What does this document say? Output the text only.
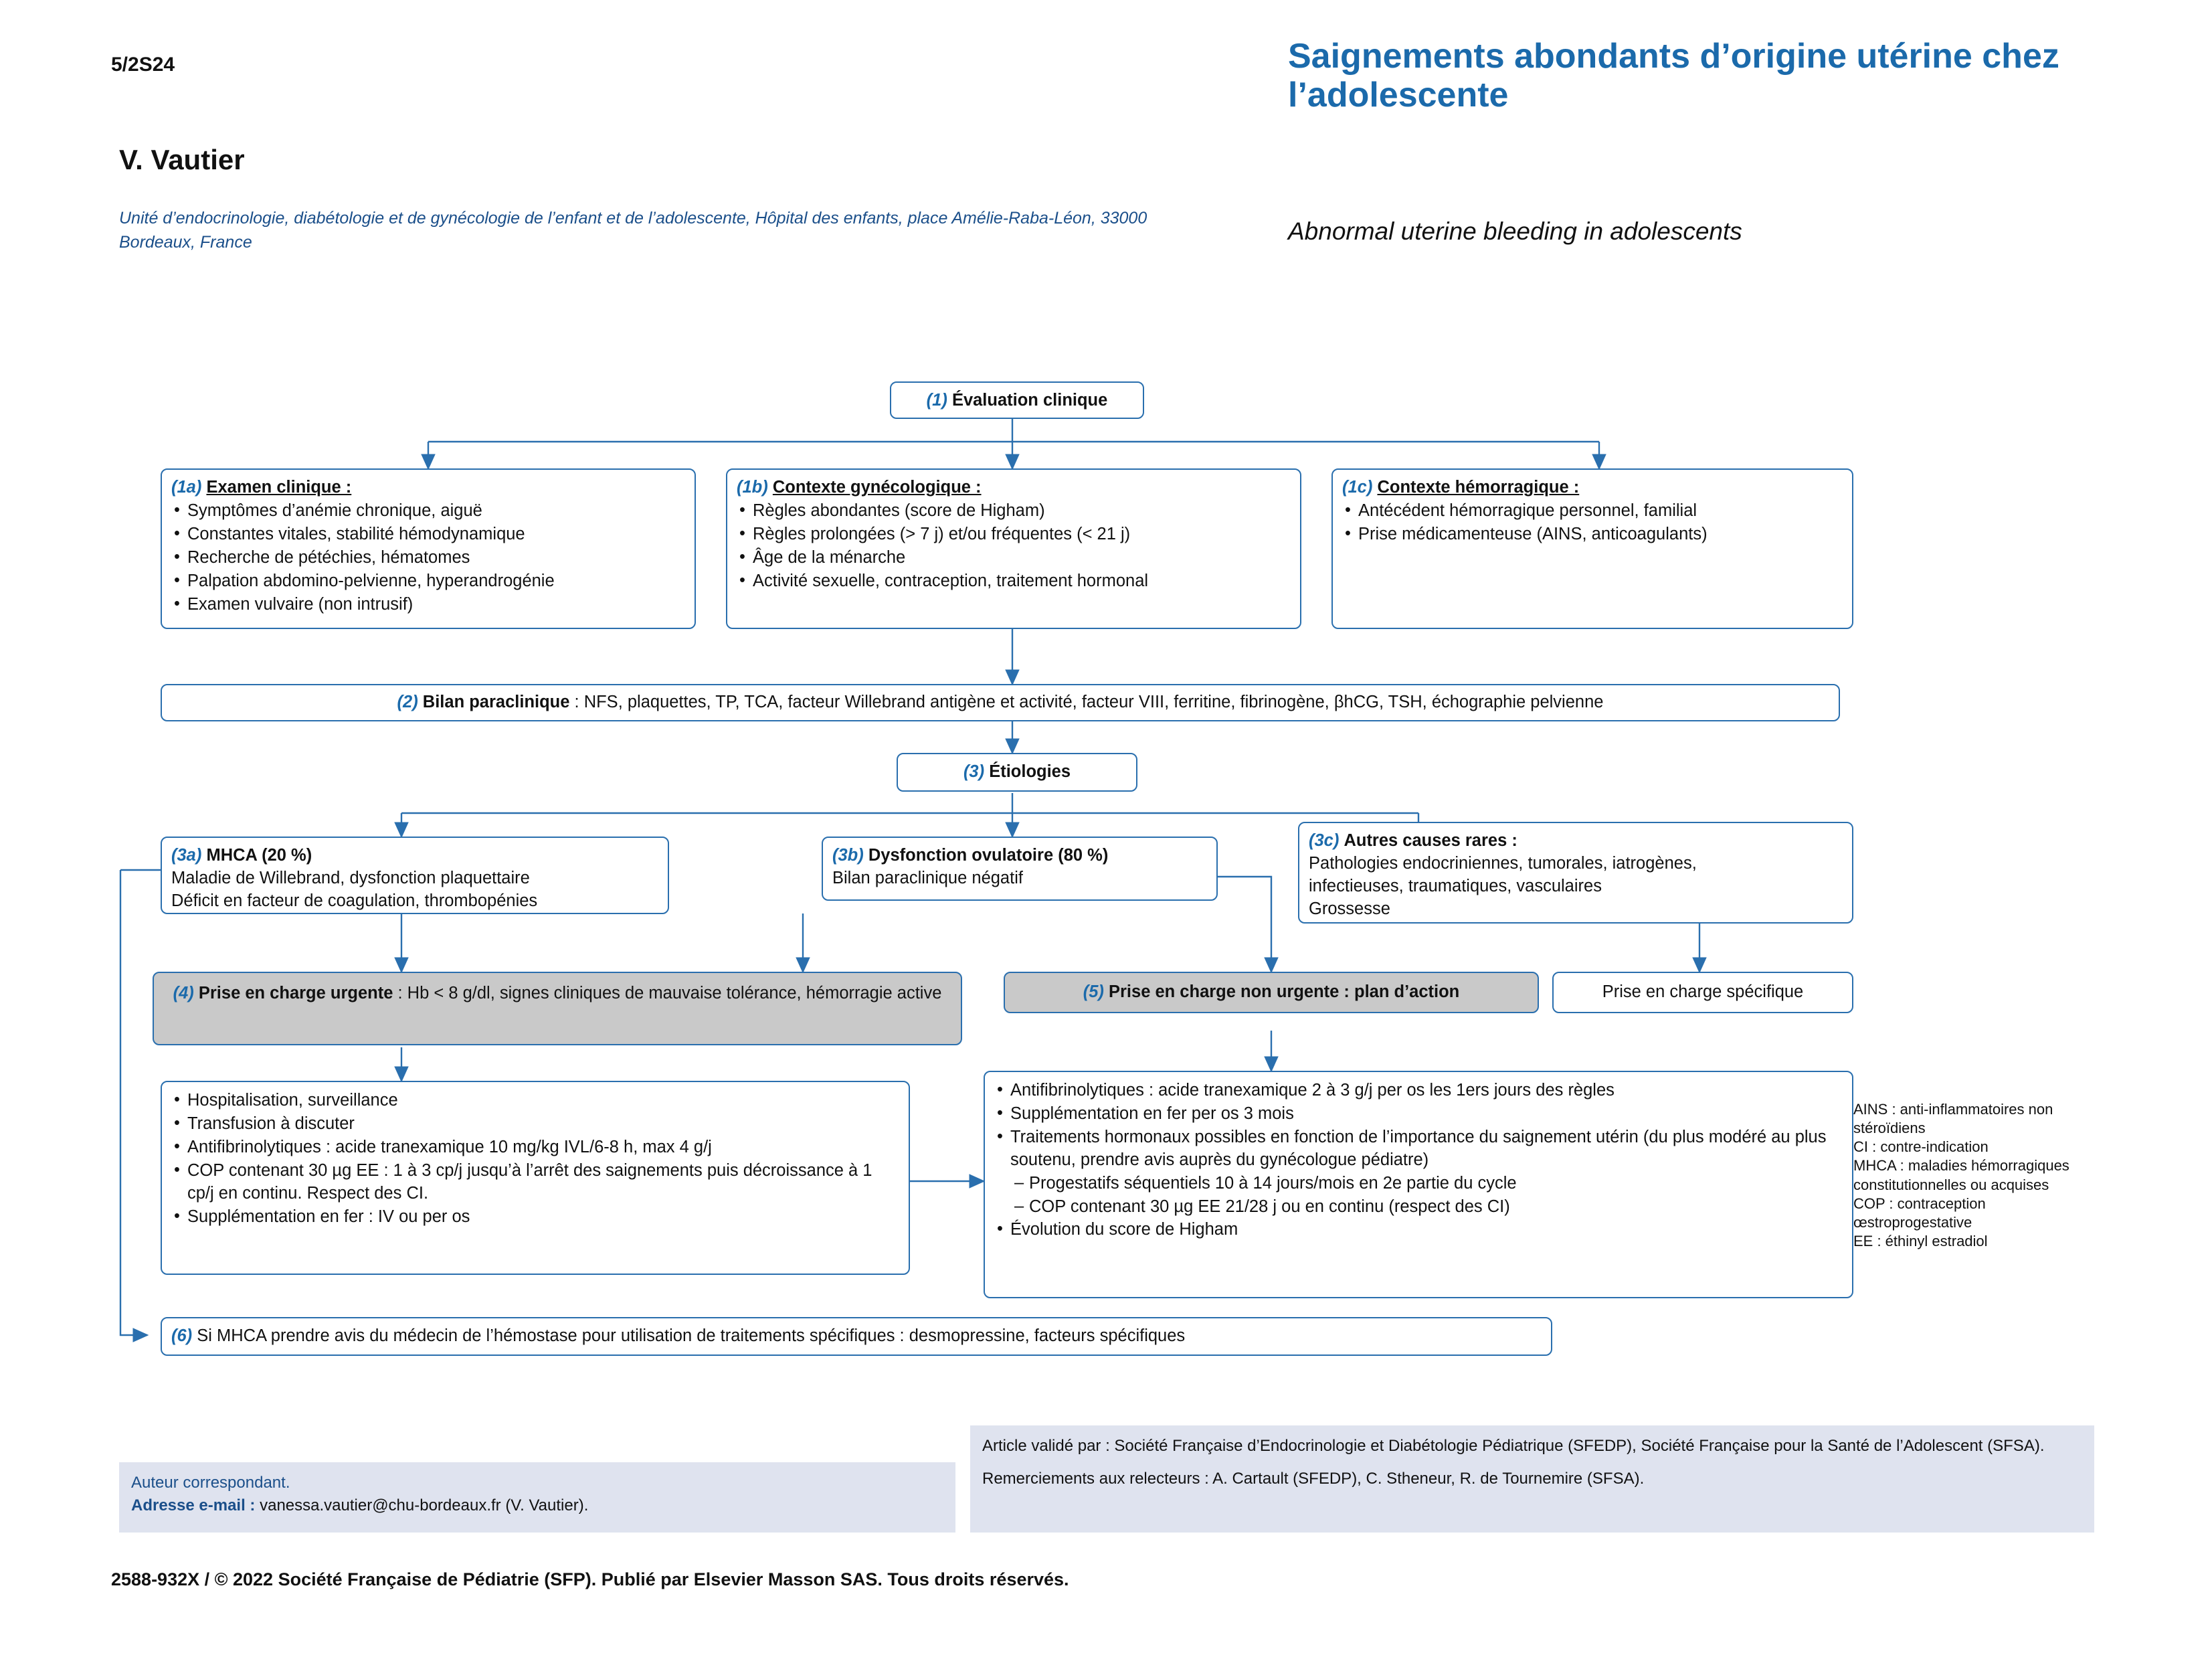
5/2S24
V. Vautier
Unité d’endocrinologie, diabétologie et de gynécologie de l’enfant et de l’adolescente, Hôpital des enfants, place Amélie-Raba-Léon, 33000 Bordeaux, France
Saignements abondants d’origine utérine chez l’adolescente
Abnormal uterine bleeding in adolescents
(1) Évaluation clinique
(1a) Examen clinique :
• Symptômes d’anémie chronique, aiguë
• Constantes vitales, stabilité hémodynamique
• Recherche de pétéchies, hématomes
• Palpation abdomino-pelvienne, hyperandrogénie
• Examen vulvaire (non intrusif)
(1b) Contexte gynécologique :
• Règles abondantes (score de Higham)
• Règles prolongées (> 7 j) et/ou fréquentes (< 21 j)
• Âge de la ménarche
• Activité sexuelle, contraception, traitement hormonal
(1c) Contexte hémorragique :
• Antécédent hémorragique personnel, familial
• Prise médicamenteuse (AINS, anticoagulants)
(2) Bilan paraclinique : NFS, plaquettes, TP, TCA, facteur Willebrand antigène et activité, facteur VIII, ferritine, fibrinogène, βhCG, TSH, échographie pelvienne
(3) Étiologies
(3a) MHCA (20 %)
Maladie de Willebrand, dysfonction plaquettaire
Déficit en facteur de coagulation, thrombopénies
(3b) Dysfonction ovulatoire (80 %)
Bilan paraclinique négatif
(3c) Autres causes rares :
Pathologies endocriniennes, tumorales, iatrogènes,
infectieuses, traumatiques, vasculaires
Grossesse
(4) Prise en charge urgente : Hb < 8 g/dl, signes cliniques de mauvaise tolérance, hémorragie active	(5) Prise en charge non urgente : plan d’action	Prise en charge spécifique
• Hospitalisation, surveillance
• Transfusion à discuter
• Antifibrinolytiques : acide tranexamique 10 mg/kg IVL/6-8 h, max 4 g/j
• COP contenant 30 µg EE : 1 à 3 cp/j jusqu’à l’arrêt des saignements puis décroissance à 1 cp/j en continu. Respect des CI.
• Supplémentation en fer : IV ou per os
• Antifibrinolytiques : acide tranexamique 2 à 3 g/j per os les 1ers jours des règles
• Supplémentation en fer per os 3 mois
• Traitements hormonaux possibles en fonction de l’importance du saignement utérin (du plus modéré au plus soutenu, prendre avis auprès du gynécologue pédiatre)
– Progestatifs séquentiels 10 à 14 jours/mois en 2e partie du cycle
– COP contenant 30 µg EE 21/28 j ou en continu (respect des CI)
• Évolution du score de Higham
AINS : anti-inflammatoires non stéroïdiens
CI : contre-indication
MHCA : maladies hémorragiques constitutionnelles ou acquises
COP : contraception œstroprogestative
EE : éthinyl estradiol
(6) Si MHCA prendre avis du médecin de l’hémostase pour utilisation de traitements spécifiques : desmopressine, facteurs spécifiques
Auteur correspondant.
Adresse e-mail : vanessa.vautier@chu-bordeaux.fr (V. Vautier).
Article validé par : Société Française d’Endocrinologie et Diabétologie Pédiatrique (SFEDP), Société Française pour la Santé de l’Adolescent (SFSA).
Remerciements aux relecteurs : A. Cartault (SFEDP), C. Stheneur, R. de Tournemire (SFSA).
2588-932X / © 2022 Société Française de Pédiatrie (SFP). Publié par Elsevier Masson SAS. Tous droits réservés.
